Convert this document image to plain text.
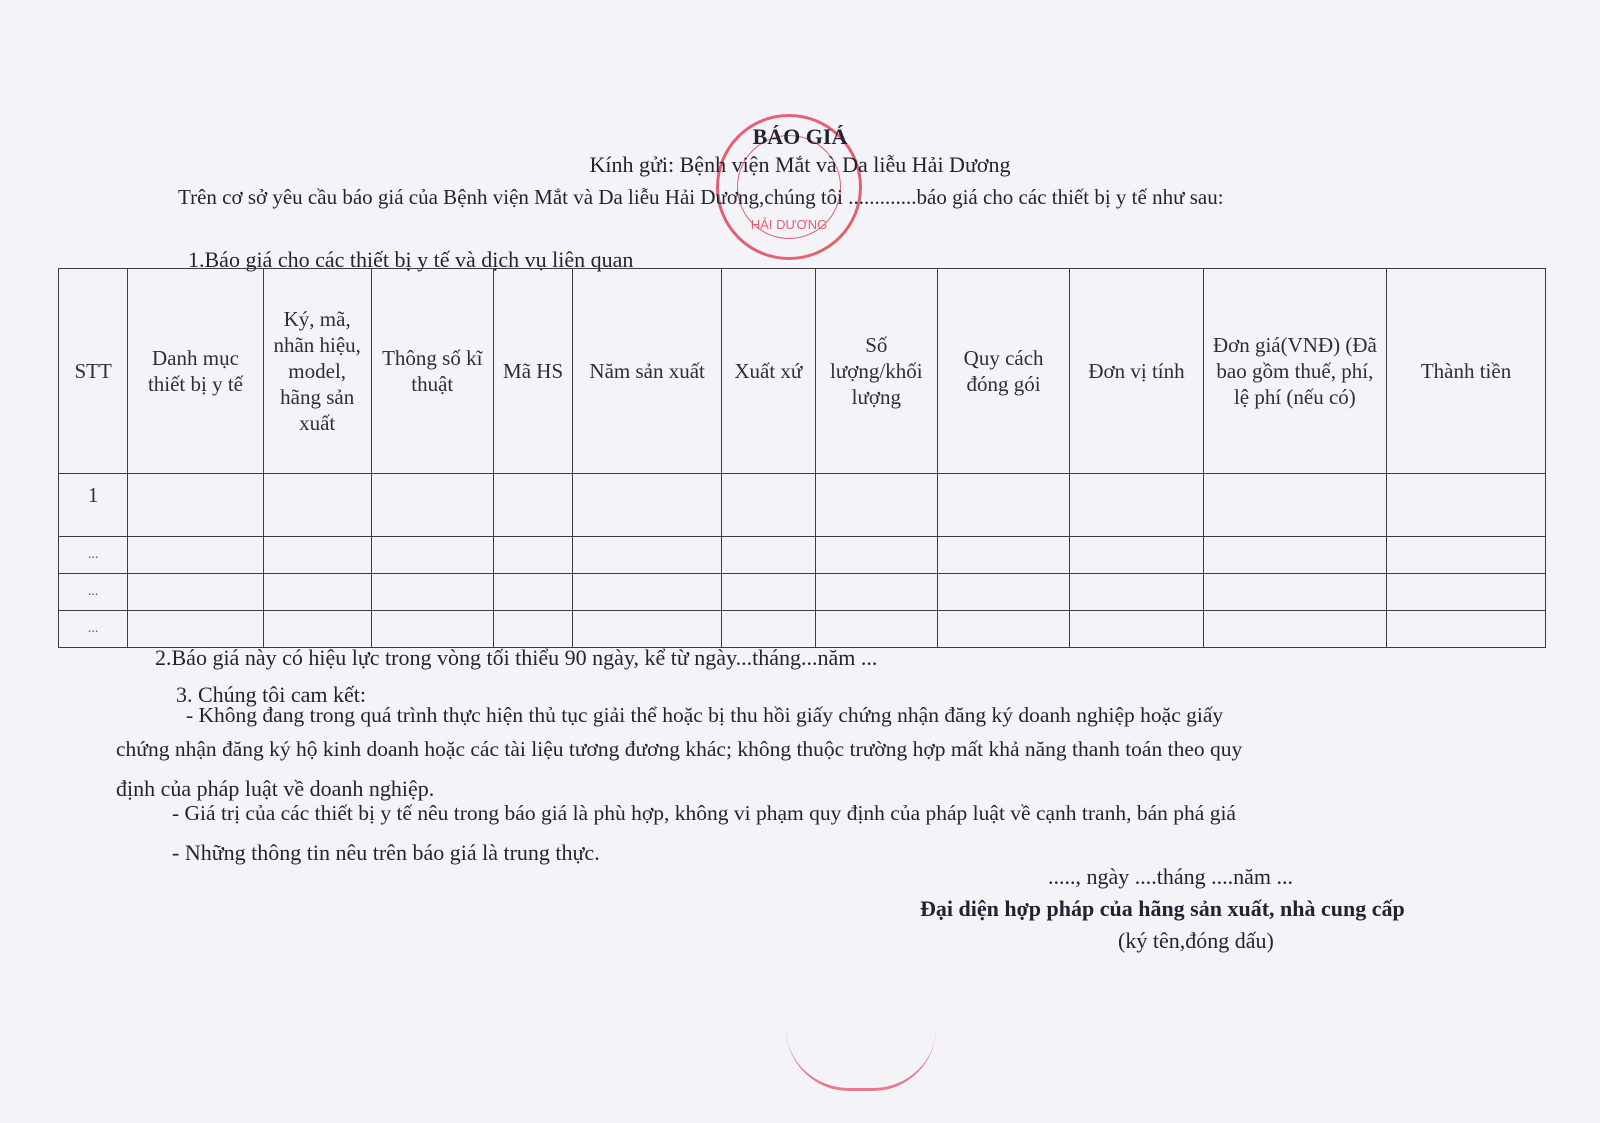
HẢI DƯƠNG
BÁO GIÁ
Kính gửi: Bệnh viện Mắt và Da liễu Hải Dương
Trên cơ sở yêu cầu báo giá của Bệnh viện Mắt và Da liễu Hải Dương,chúng tôi .............báo giá cho các thiết bị y tế như sau:
1.Báo giá cho các thiết bị y tế và dịch vụ liên quan
STT	Danh mục thiết bị y tế	Ký, mã, nhãn hiệu, model, hãng sản xuất	Thông số kĩ thuật	Mã HS	Năm sản xuất	Xuất xứ	Số lượng/khối lượng	Quy cách đóng gói	Đơn vị tính	Đơn giá(VNĐ) (Đã bao gồm thuế, phí, lệ phí (nếu có)	Thành tiền
1											
...											
...											
...											
2.Báo giá này có hiệu lực trong vòng tối thiểu 90 ngày, kể từ ngày...tháng...năm ...
3. Chúng tôi cam kết:
- Không đang trong quá trình thực hiện thủ tục giải thể hoặc bị thu hồi giấy chứng nhận đăng ký doanh nghiệp hoặc giấy
chứng nhận đăng ký hộ kinh doanh hoặc các tài liệu tương đương khác; không thuộc trường hợp mất khả năng thanh toán theo quy
định của pháp luật về doanh nghiệp.
- Giá trị của các thiết bị y tế nêu trong báo giá là phù hợp, không vi phạm quy định của pháp luật về cạnh tranh, bán phá giá
- Những thông tin nêu trên báo giá là trung thực.
....., ngày ....tháng ....năm ...
Đại diện hợp pháp của hãng sản xuất, nhà cung cấp
(ký tên,đóng dấu)
